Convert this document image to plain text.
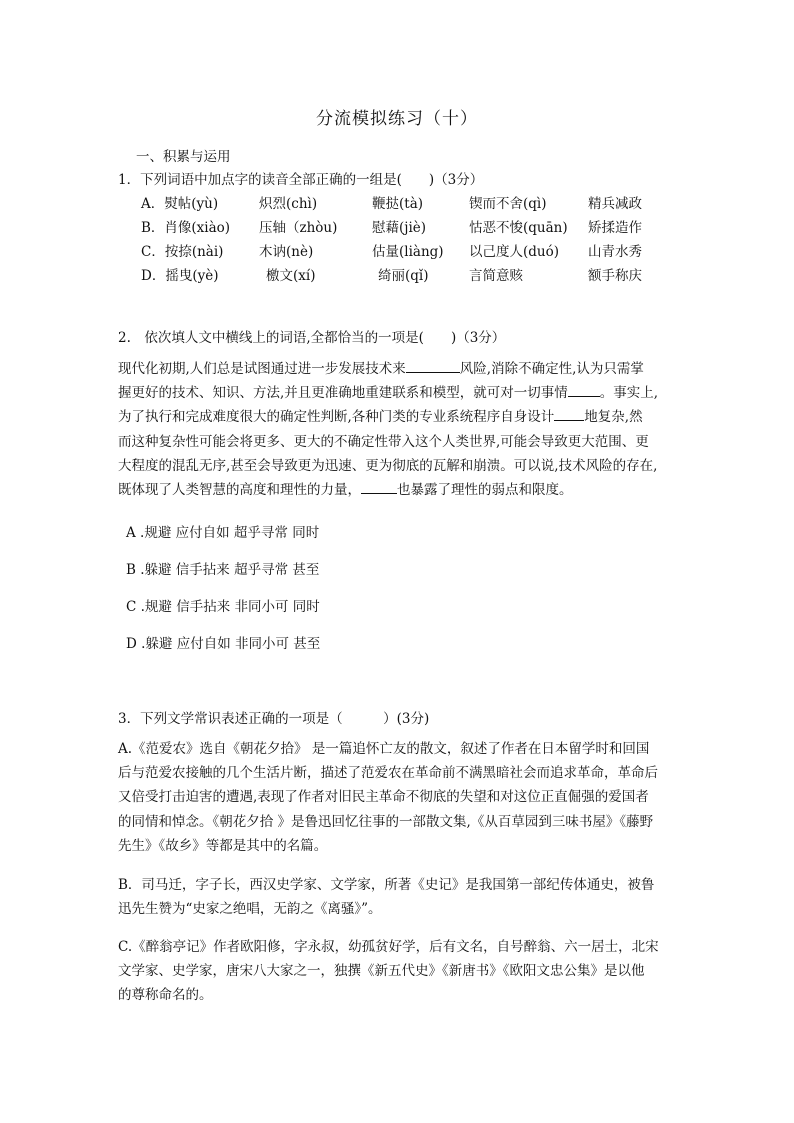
分流模拟练习（十）
一、积累与运用
1．下列词语中加点字的读音全部正确的一组是(　　)（3分）
A．熨帖(yù)	炽烈(chì)	鞭挞(tà)	锲而不舍(qì)	精兵减政
B．肖像(xiào) 压轴（zhòu)	慰藉(jiè)	怙恶不悛(quān) 矫揉造作
C．按捺(nài)	木讷(nè)	估量(liàng) 以己度人(duó) 山青水秀
D．摇曳(yè)	檄文(xí)	绮丽(qǐ)	言简意赅	额手称庆
2.　依次填人文中横线上的词语,全都恰当的一项是(　　)（3分）
现代化初期,人们总是试图通过进一步发展技术来	风险,消除不确定性,认为只需掌
握更好的技术、知识、方法,并且更准确地重建联系和模型，就可对一切事情 。事实上,
为了执行和完成难度很大的确定性判断,各种门类的专业系统程序自身设计 地复杂,然
而这种复杂性可能会将更多、更大的不确定性带入这个人类世界,可能会导致更大范围、更
大程度的混乱无序,甚至会导致更为迅速、更为彻底的瓦解和崩溃。可以说,技术风险的存在,
既体现了人类智慧的高度和理性的力量，	也暴露了理性的弱点和限度。
A .规避 应付自如 超乎寻常 同时
B .躲避 信手拈来 超乎寻常 甚至
C .规避 信手拈来 非同小可 同时
D .躲避 应付自如 非同小可 甚至
3．下列文学常识表述正确的一项是（　　　）(3分)
A.《范爱农》选自《朝花夕拾》 是一篇追怀亡友的散文，叙述了作者在日本留学时和回国
后与范爱农接触的几个生活片断，描述了范爱农在革命前不满黑暗社会而追求革命，革命后
又倍受打击迫害的遭遇,表现了作者对旧民主革命不彻底的失望和对这位正直倔强的爱国者
的同情和悼念。《朝花夕拾 》是鲁迅回忆往事的一部散文集,《从百草园到三味书屋》《藤野
先生》《故乡》等都是其中的名篇。
B．司马迁，字子长，西汉史学家、文学家，所著《史记》是我国第一部纪传体通史，被鲁
迅先生赞为“史家之绝唱，无韵之《离骚》”。
C.《醉翁亭记》作者欧阳修，字永叔，幼孤贫好学，后有文名，自号醉翁、六一居士，北宋
文学家、史学家，唐宋八大家之一，独撰《新五代史》《新唐书》《欧阳文忠公集》是以他
的尊称命名的。
